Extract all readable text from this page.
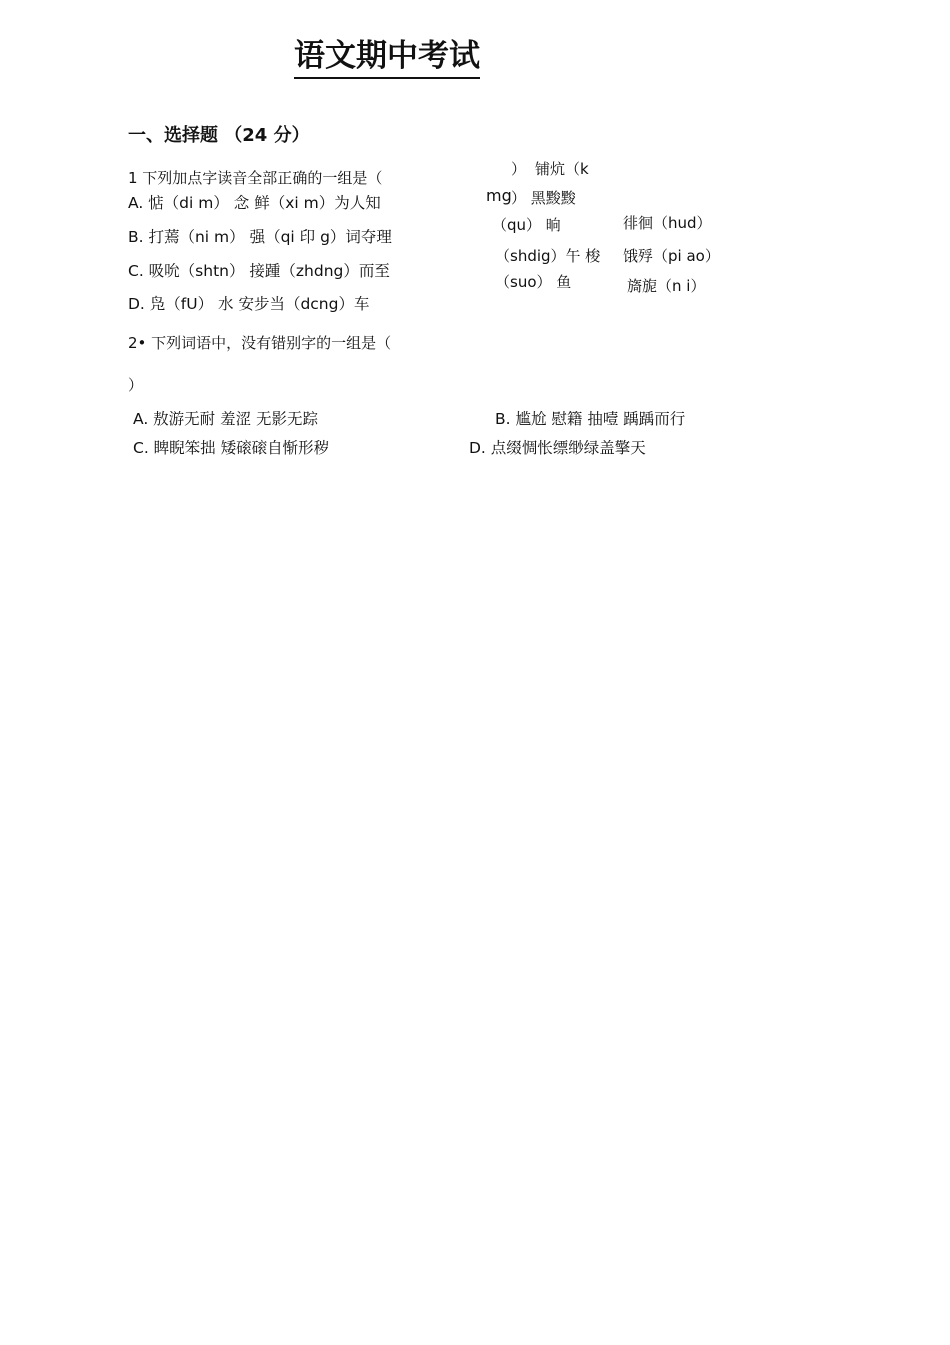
语文期中考试
一、选择题 （24 分）
1 下列加点字读音全部正确的一组是（	） 铺炕（k
mg
A. 惦（di m） 念 鲜（xi m）为人知	） 黑黢黢
（qu） 晌
B. 打蔫（ni m） 强（qi 印 g）词夺理
徘徊（hud）
（shdig）午 梭
C. 吸吮（shtn） 接踵（zhdng）而至
饿殍（pi ao）
（suo） 鱼
D. 凫（fU） 水 安步当（dcng）车
旖旎（n i）
2• 下列词语中，没有错别字的一组是（
）
A. 敖游无耐 羞涩 无影无踪	B. 尴尬 慰籍 抽噎 踽踽而行
C. 睥睨笨拙 矮磙磙自惭形秽	D. 点缀惆怅缥缈绿盖擎天
